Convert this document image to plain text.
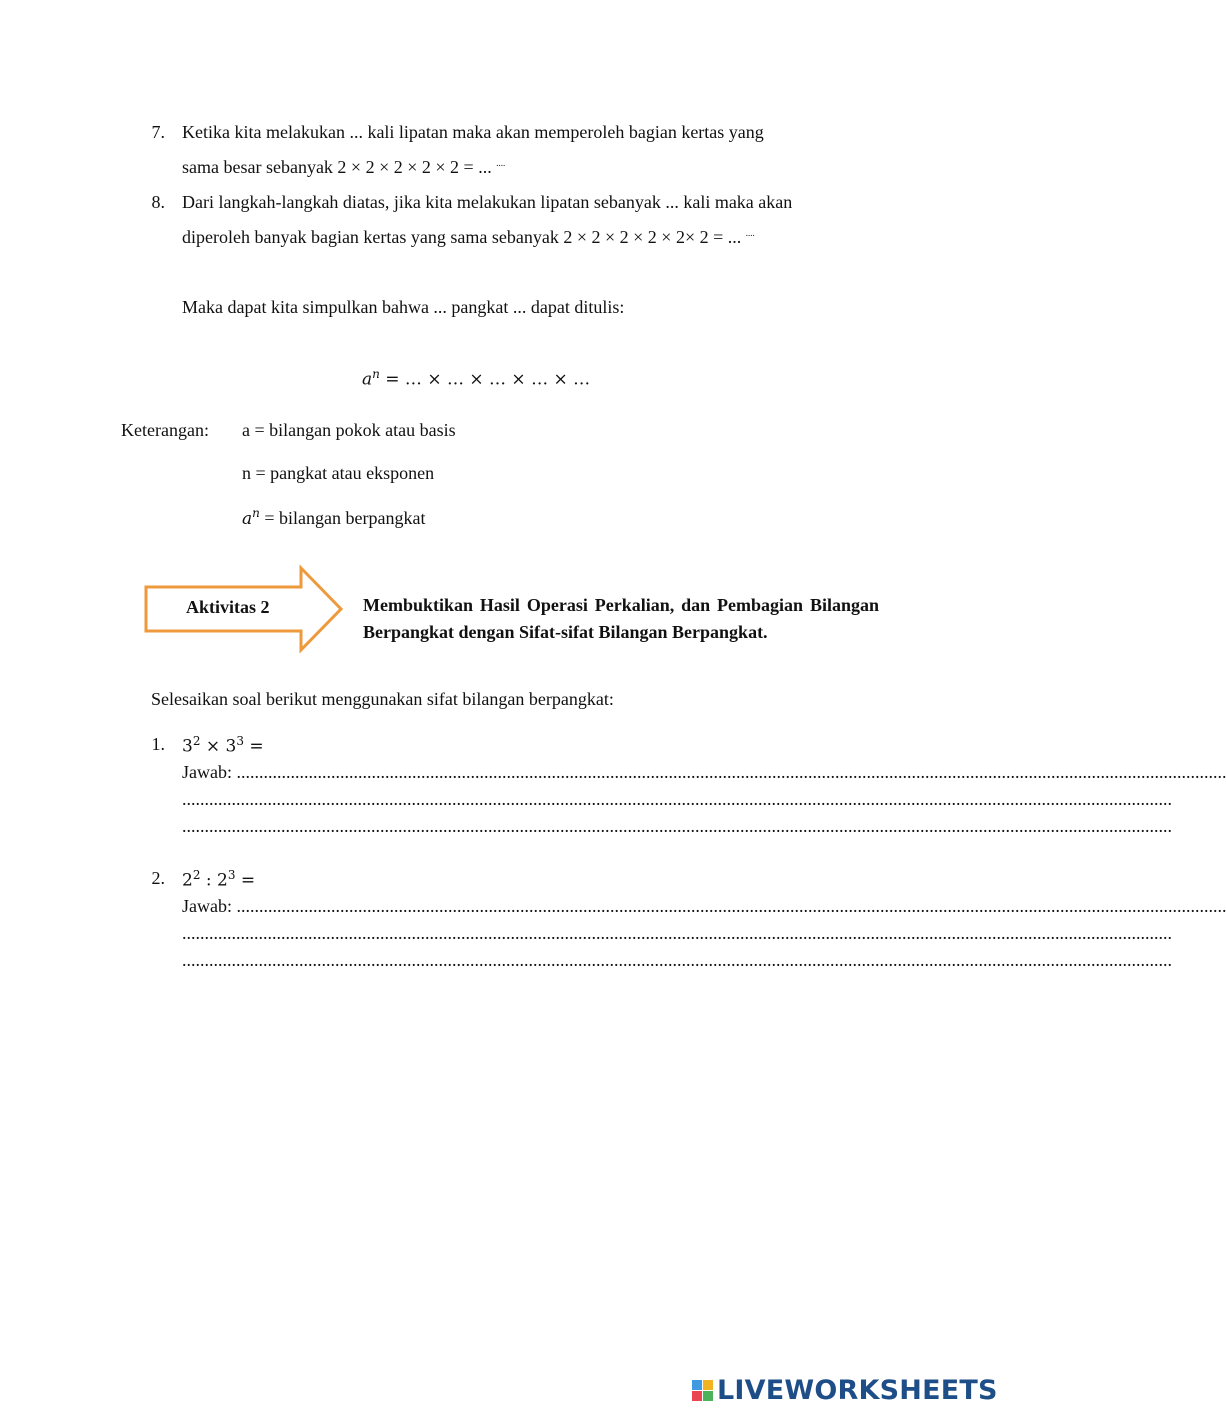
7. Ketika kita melakukan ... kali lipatan maka akan memperoleh bagian kertas yang
sama besar sebanyak 2 × 2 × 2 × 2 × 2 = ... ....
8. Dari langkah-langkah diatas, jika kita melakukan lipatan sebanyak ... kali maka akan
diperoleh banyak bagian kertas yang sama sebanyak 2 × 2 × 2 × 2 × 2× 2 = ... ....
Maka dapat kita simpulkan bahwa ... pangkat ... dapat ditulis:
$a^n$ = … × … × … × … × …
Keterangan: a = bilangan pokok atau basis
n = pangkat atau eksponen
$a^n$ = bilangan berpangkat
Aktivitas 2	Membuktikan Hasil Operasi Perkalian, dan Pembagian Bilangan Berpangkat dengan Sifat-sifat Bilangan Berpangkat.
Selesaikan soal berikut menggunakan sifat bilangan berpangkat:
1. $3^2 \times 3^3$ =
Jawab: ............................................................................................................................................................................................................................
............................................................................................................................................................................................................................
............................................................................................................................................................................................................................
2. $2^2$ : $2^3$ =
Jawab: ............................................................................................................................................................................................................................
............................................................................................................................................................................................................................
............................................................................................................................................................................................................................
LIVEWORKSHEETS
